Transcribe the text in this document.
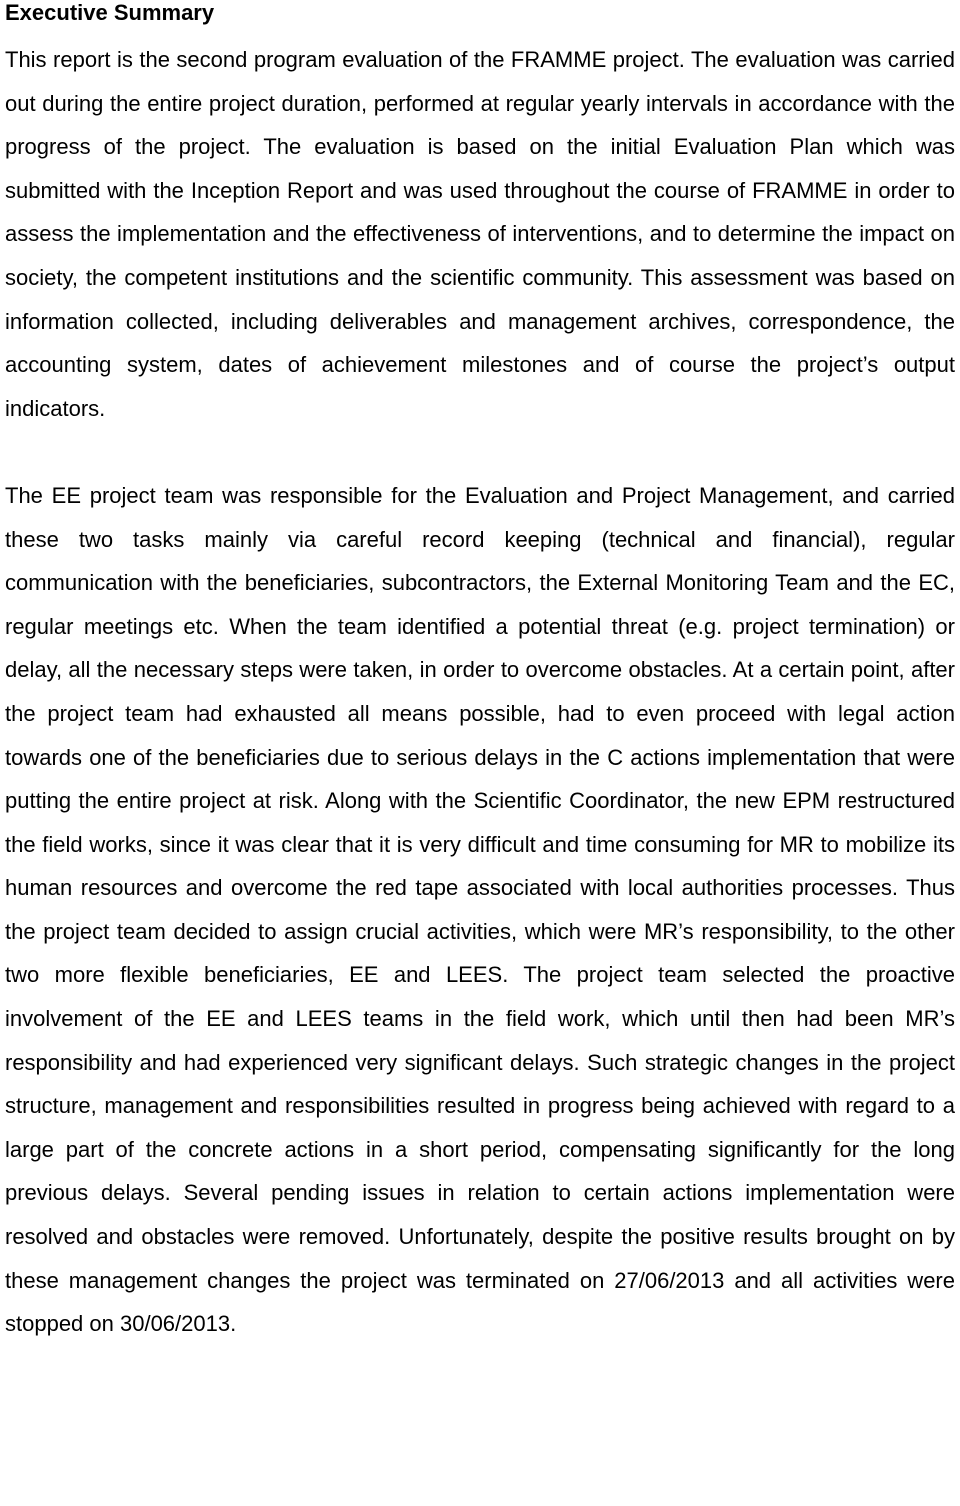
Executive Summary

This report is the second program evaluation of the FRAMME project. The evaluation was carried out during the entire project duration, performed at regular yearly intervals in accordance with the progress of the project. The evaluation is based on the initial Evaluation Plan which was submitted with the Inception Report and was used throughout the course of FRAMME in order to assess the implementation and the effectiveness of interventions, and to determine the impact on society, the competent institutions and the scientific community. This assessment was based on information collected, including deliverables and management archives, correspondence, the accounting system, dates of achievement milestones and of course the project’s output indicators.

The EE project team was responsible for the Evaluation and Project Management, and carried these two tasks mainly via careful record keeping (technical and financial), regular communication with the beneficiaries, subcontractors, the External Monitoring Team and the EC, regular meetings etc. When the team identified a potential threat (e.g. project termination) or delay, all the necessary steps were taken, in order to overcome obstacles. At a certain point, after the project team had exhausted all means possible, had to even proceed with legal action towards one of the beneficiaries due to serious delays in the C actions implementation that were putting the entire project at risk. Along with the Scientific Coordinator, the new EPM restructured the field works, since it was clear that it is very difficult and time consuming for MR to mobilize its human resources and overcome the red tape associated with local authorities processes. Thus the project team decided to assign crucial activities, which were MR’s responsibility, to the other two more flexible beneficiaries, EE and LEES. The project team selected the proactive involvement of the EE and LEES teams in the field work, which until then had been MR’s responsibility and had experienced very significant delays. Such strategic changes in the project structure, management and responsibilities resulted in progress being achieved with regard to a large part of the concrete actions in a short period, compensating significantly for the long previous delays. Several pending issues in relation to certain actions implementation were resolved and obstacles were removed. Unfortunately, despite the positive results brought on by these management changes the project was terminated on 27/06/2013 and all activities were stopped on 30/06/2013.
